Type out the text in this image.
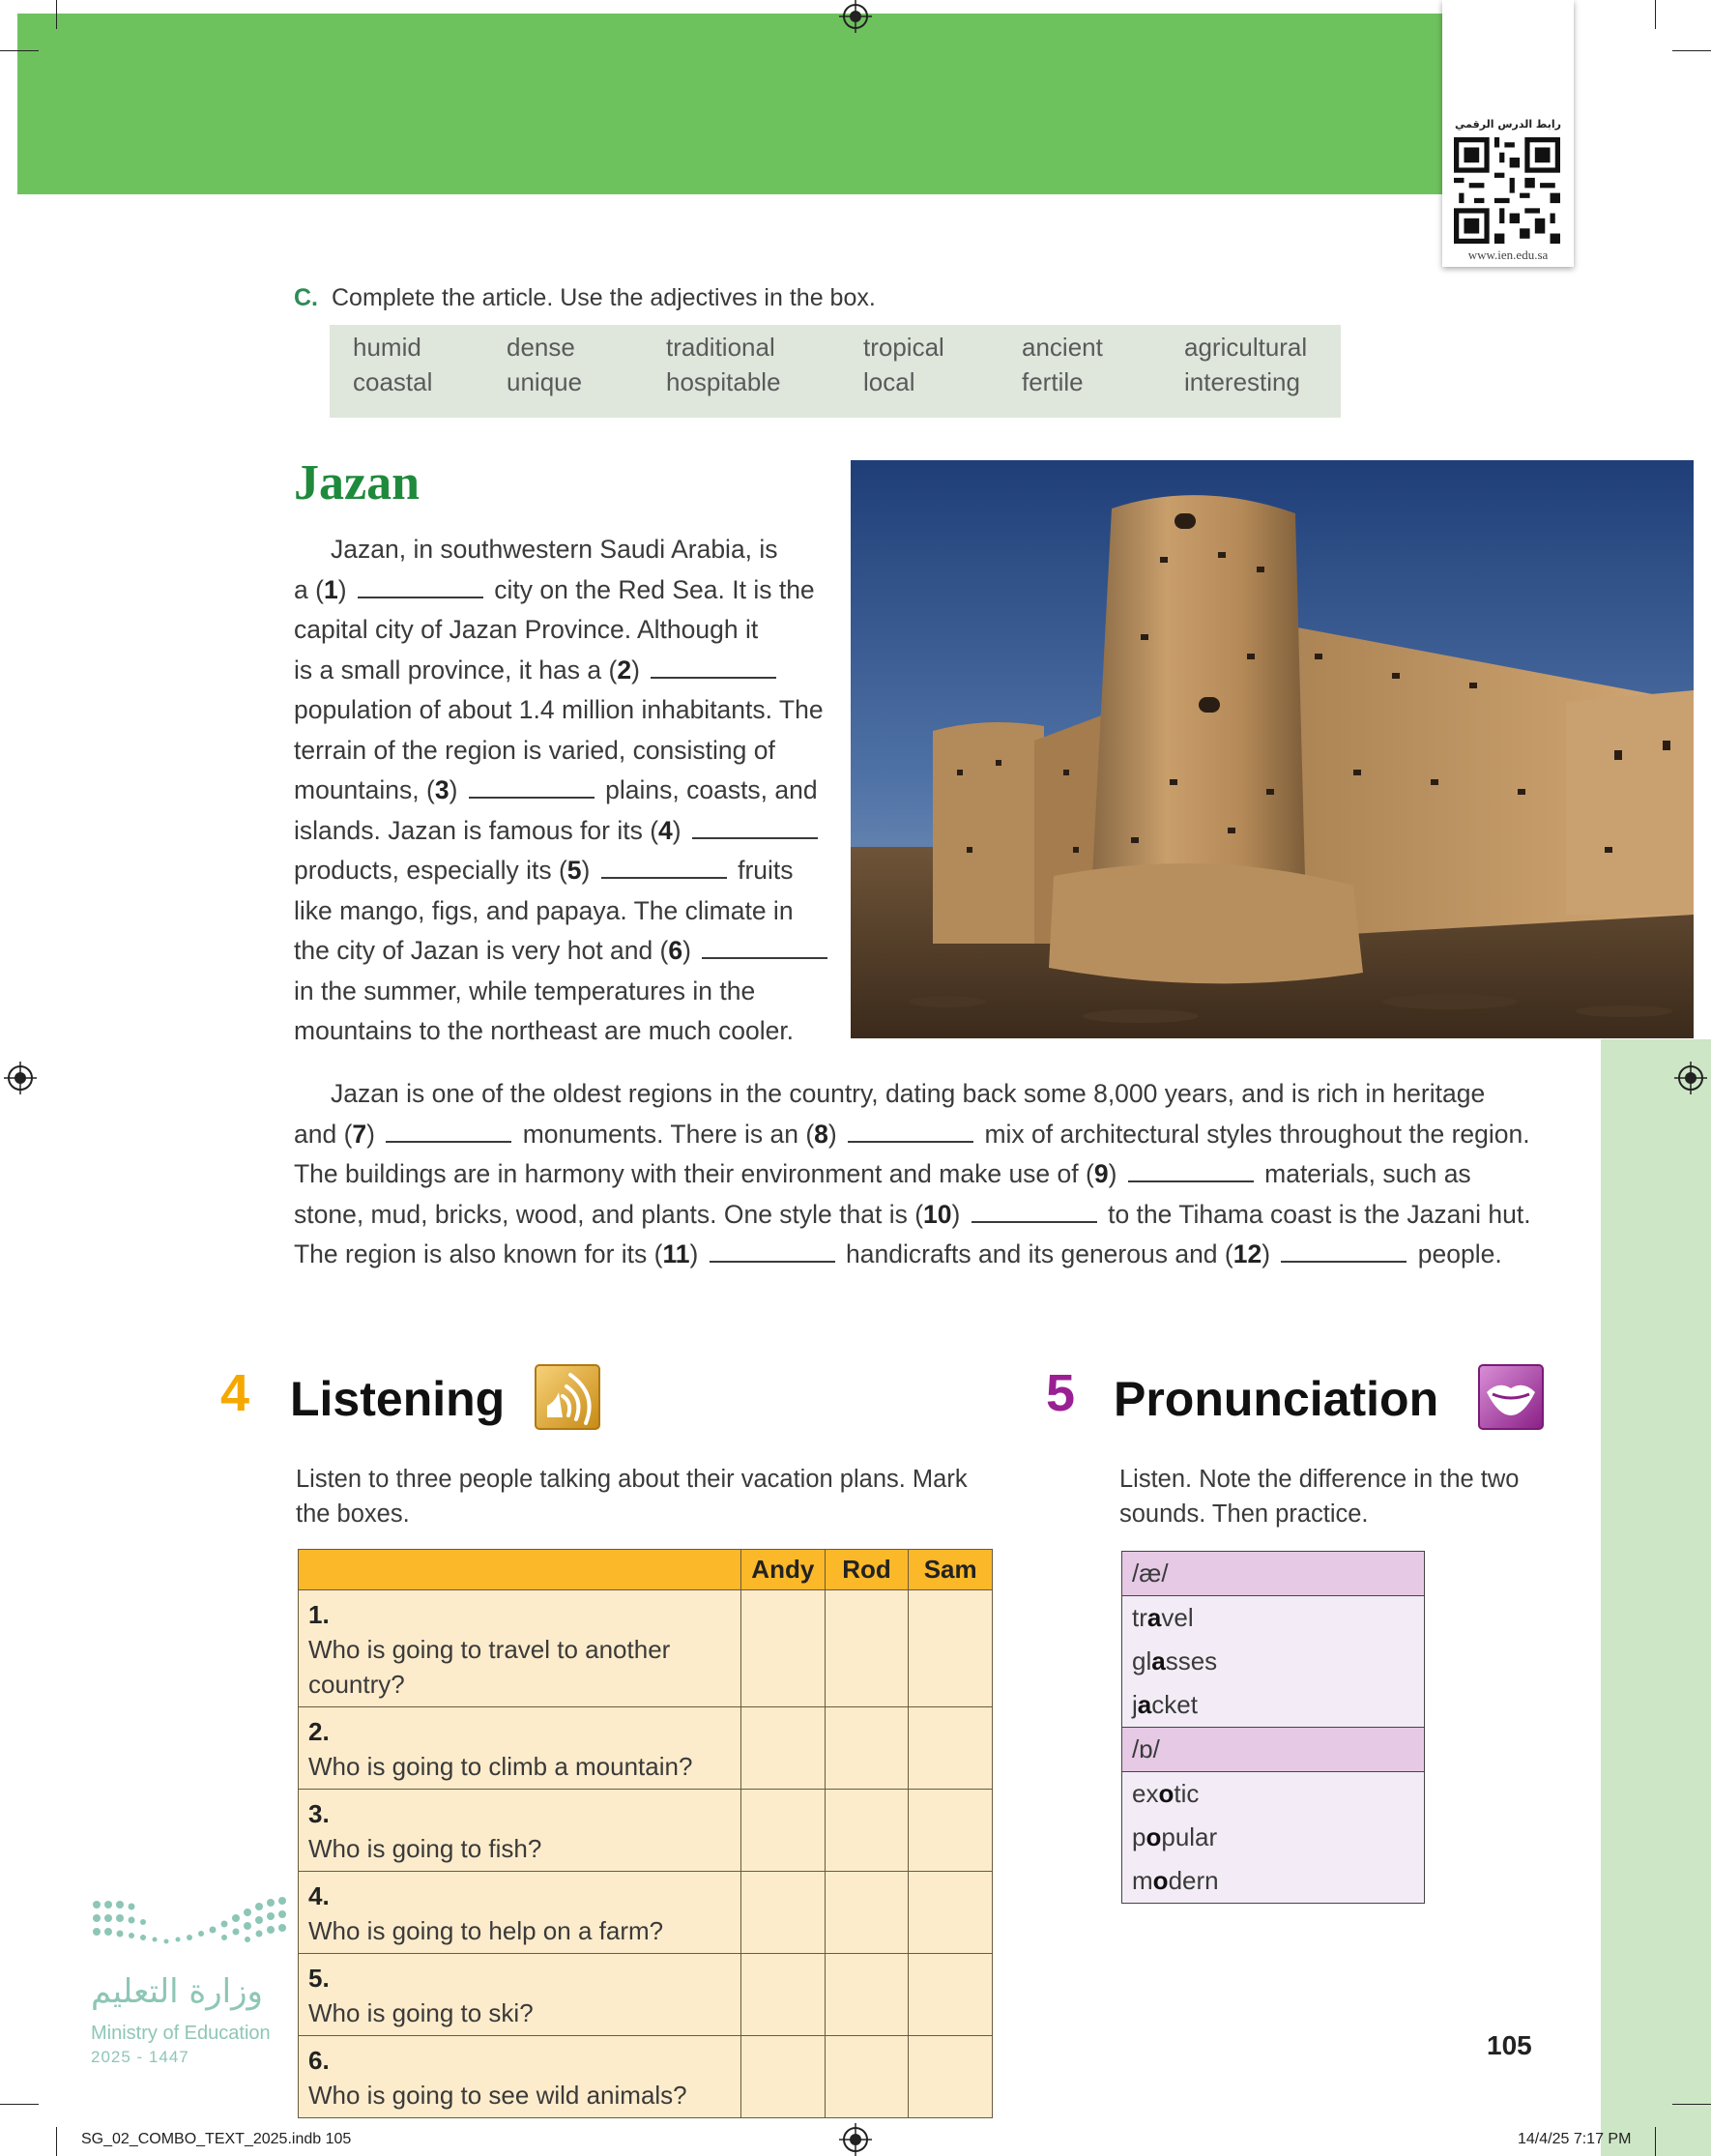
رابط الدرس الرقمي
www.ien.edu.sa
C. Complete the article. Use the adjectives in the box.
humid	dense	traditional	tropical	ancient	agricultural
coastal	unique	hospitable	local	fertile	interesting
Jazan
Jazan, in southwestern Saudi Arabia, is
a (1)	city on the Red Sea. It is the
capital city of Jazan Province. Although it
is a small province, it has a (2)
population of about 1.4 million inhabitants. The
terrain of the region is varied, consisting of
mountains, (3)	plains, coasts, and
islands. Jazan is famous for its (4)
products, especially its (5)	fruits
like mango, figs, and papaya. The climate in
the city of Jazan is very hot and (6)
in the summer, while temperatures in the
mountains to the northeast are much cooler.
Jazan is one of the oldest regions in the country, dating back some 8,000 years, and is rich in heritage
and (7)	monuments. There is an (8)	mix of architectural styles throughout the region.
The buildings are in harmony with their environment and make use of (9)	materials, such as
stone, mud, bricks, wood, and plants. One style that is (10)	to the Tihama coast is the Jazani hut.
The region is also known for its (11)	handicrafts and its generous and (12)	people.
4 Listening
Listen to three people talking about their vacation plans. Mark the boxes.
	Andy	Rod	Sam
1.Who is going to travel to another country?			
2.Who is going to climb a mountain?			
3.Who is going to fish?			
4.Who is going to help on a farm?			
5.Who is going to ski?			
6.Who is going to see wild animals?			
5 Pronunciation
Listen. Note the difference in the two sounds. Then practice.
/æ/
travel
glasses
jacket
/ɒ/
exotic
popular
modern
وزارة التعليم
Ministry of Education
2025 - 1447	105
SG_02_COMBO_TEXT_2025.indb 105	14/4/25 7:17 PM
